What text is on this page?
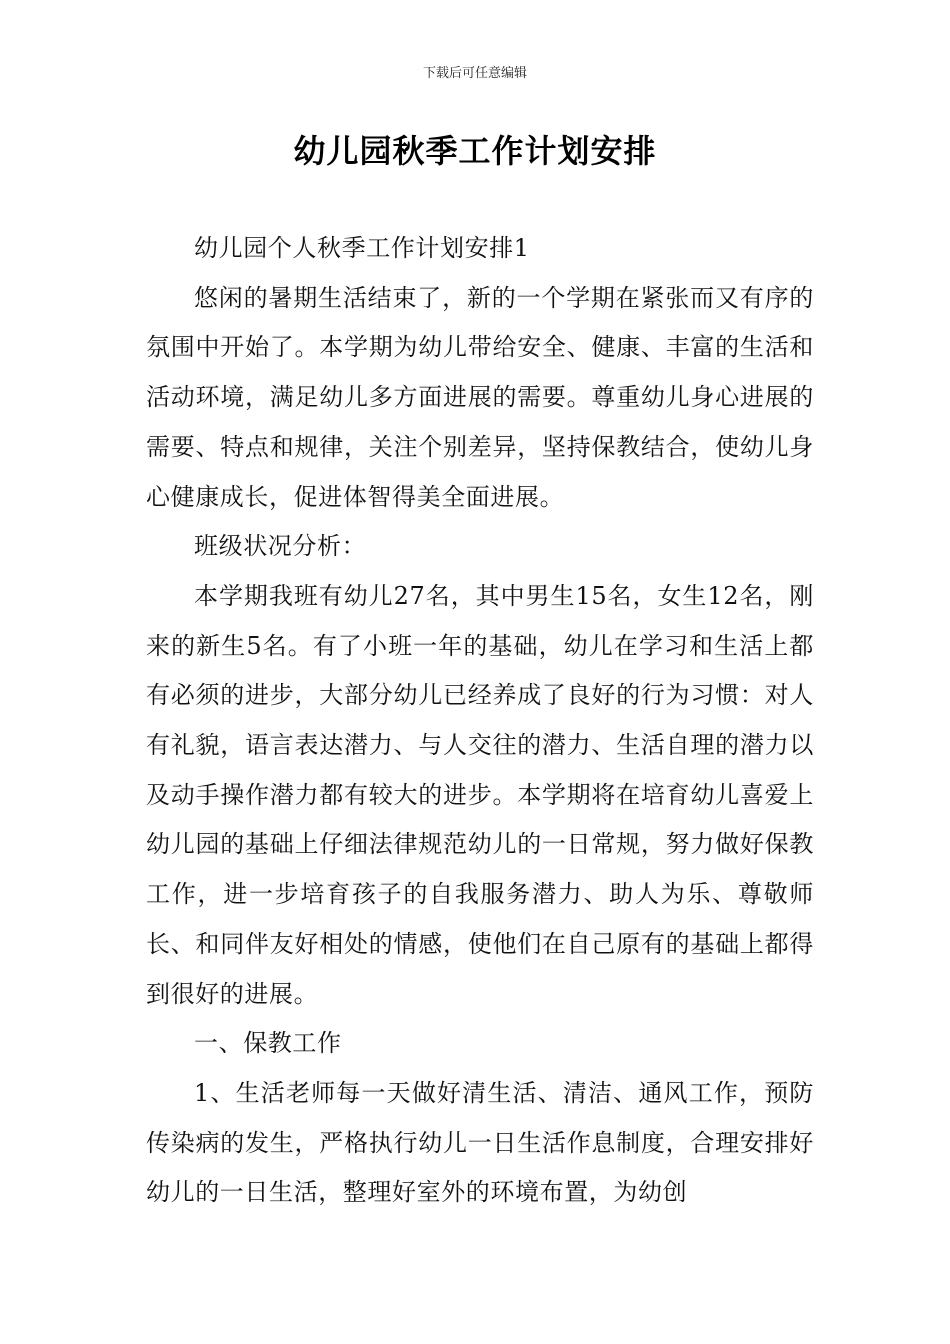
下载后可任意编辑
幼儿园秋季工作计划安排

幼儿园个人秋季工作计划安排1

悠闲的暑期生活结束了，新的一个学期在紧张而又有序的氛围中开始了。本学期为幼儿带给安全、健康、丰富的生活和活动环境，满足幼儿多方面进展的需要。尊重幼儿身心进展的需要、特点和规律，关注个别差异，坚持保教结合，使幼儿身心健康成长，促进体智得美全面进展。

班级状况分析：

本学期我班有幼儿27名，其中男生15名，女生12名，刚来的新生5名。有了小班一年的基础，幼儿在学习和生活上都有必须的进步，大部分幼儿已经养成了良好的行为习惯：对人有礼貌，语言表达潜力、与人交往的潜力、生活自理的潜力以及动手操作潜力都有较大的进步。本学期将在培育幼儿喜爱上幼儿园的基础上仔细法律规范幼儿的一日常规，努力做好保教工作，进一步培育孩子的自我服务潜力、助人为乐、尊敬师长、和同伴友好相处的情感，使他们在自己原有的基础上都得到很好的进展。

一、保教工作

1、生活老师每一天做好清生活、清洁、通风工作，预防传染病的发生，严格执行幼儿一日生活作息制度，合理安排好幼儿的一日生活，整理好室外的环境布置，为幼创
